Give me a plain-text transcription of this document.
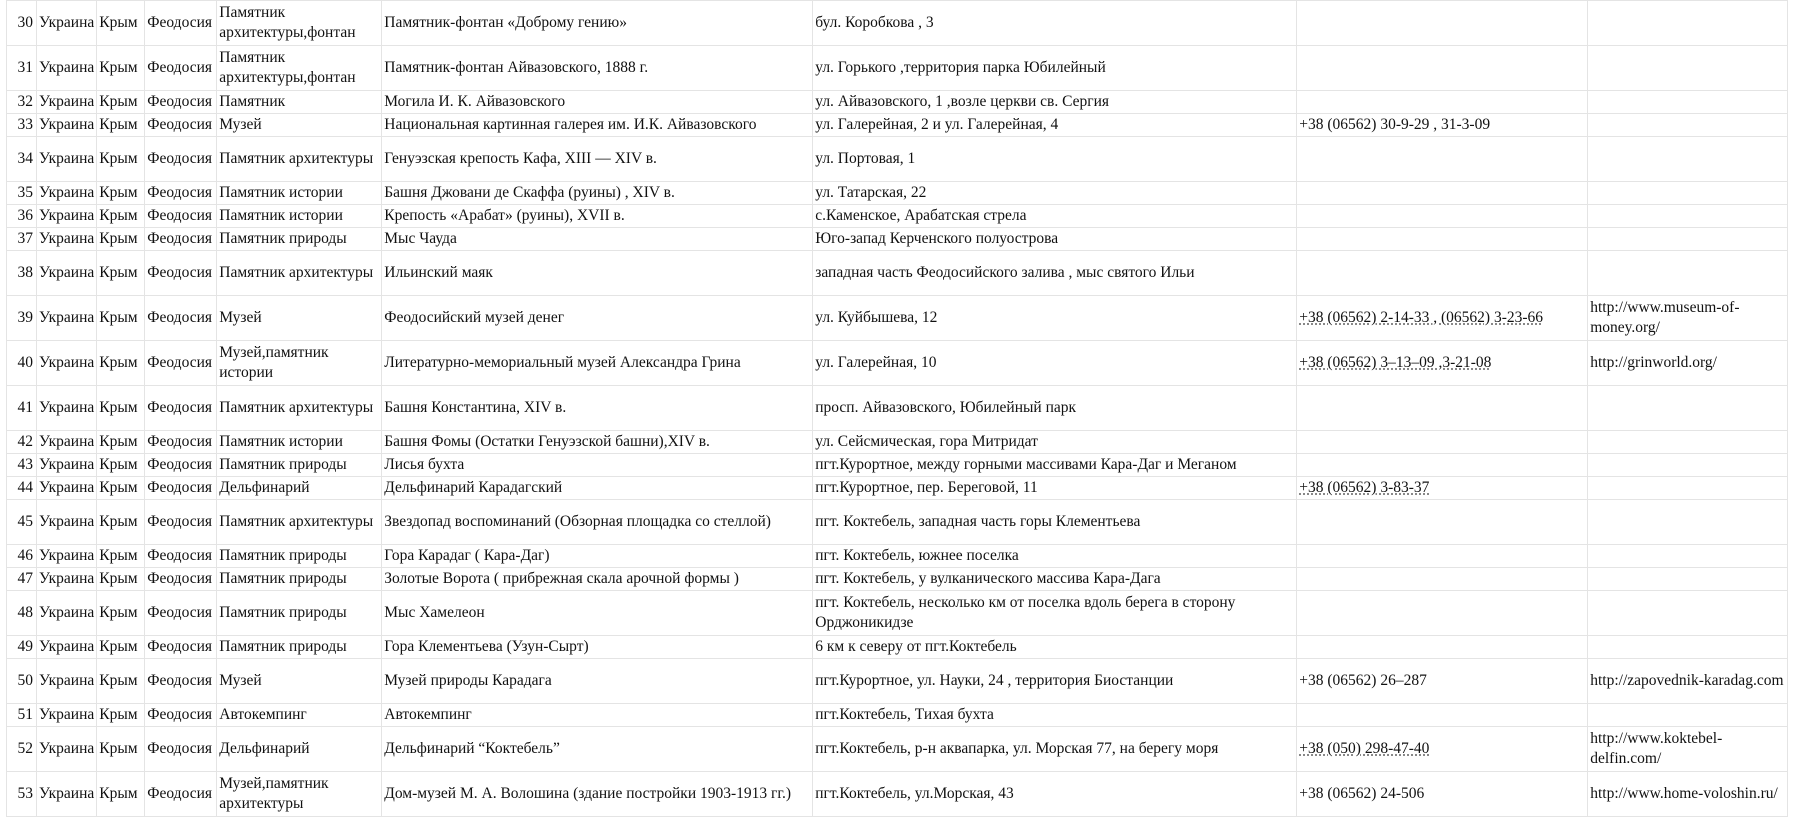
30	Украина	Крым	Феодосия	Памятник архитектуры,фонтан	Памятник-фонтан «Доброму гению»	бул. Коробкова , 3		
31	Украина	Крым	Феодосия	Памятник архитектуры,фонтан	Памятник-фонтан Айвазовского, 1888 г.	ул. Горького ,территория парка Юбилейный		
32	Украина	Крым	Феодосия	Памятник	Могила И. К. Айвазовского	ул. Айвазовского, 1 ,возле церкви св. Сергия		
33	Украина	Крым	Феодосия	Музей	Национальная картинная галерея им. И.К. Айвазовского	ул. Галерейная, 2 и ул. Галерейная, 4	+38 (06562) 30-9-29 , 31-3-09	
34	Украина	Крым	Феодосия	Памятник архитектуры	Генуэзская крепость Кафа, XIII — XIV в.	ул. Портовая, 1		
35	Украина	Крым	Феодосия	Памятник истории	Башня Джовани де Скаффа (руины) , XIV в.	ул. Татарская, 22		
36	Украина	Крым	Феодосия	Памятник истории	Крепость «Арабат» (руины), XVII в.	с.Каменское, Арабатская стрела		
37	Украина	Крым	Феодосия	Памятник природы	Мыс Чауда	Юго-запад Керченского полуострова		
38	Украина	Крым	Феодосия	Памятник архитектуры	Ильинский маяк	западная часть Феодосийского залива , мыс святого Ильи		
39	Украина	Крым	Феодосия	Музей	Феодосийский музей денег	ул. Куйбышева, 12	+38 (06562) 2-14-33 , (06562) 3-23-66	http://www.museum-of-money.org/
40	Украина	Крым	Феодосия	Музей,памятник истории	Литературно-мемориальный музей Александра Грина	ул. Галерейная, 10	+38 (06562) 3–13–09 ,3-21-08	http://grinworld.org/
41	Украина	Крым	Феодосия	Памятник архитектуры	Башня Константина, XIV в.	просп. Айвазовского, Юбилейный парк		
42	Украина	Крым	Феодосия	Памятник истории	Башня Фомы (Остатки Генуэзской башни),XIV в.	ул. Сейсмическая, гора Митридат		
43	Украина	Крым	Феодосия	Памятник природы	Лисья бухта	пгт.Курортное, между горными массивами Кара-Даг и Меганом		
44	Украина	Крым	Феодосия	Дельфинарий	Дельфинарий Карадагский	пгт.Курортное, пер. Береговой, 11	+38 (06562) 3-83-37	
45	Украина	Крым	Феодосия	Памятник архитектуры	Звездопад воспоминаний (Обзорная площадка со стеллой)	пгт. Коктебель, западная часть горы Клементьева		
46	Украина	Крым	Феодосия	Памятник природы	Гора Карадаг ( Кара-Даг)	пгт. Коктебель, южнее поселка		
47	Украина	Крым	Феодосия	Памятник природы	Золотые Ворота ( прибрежная скала арочной формы )	пгт. Коктебель, у вулканического массива Кара-Дага		
48	Украина	Крым	Феодосия	Памятник природы	Мыс Хамелеон	пгт. Коктебель, несколько км от поселка вдоль берега в сторону Орджоникидзе		
49	Украина	Крым	Феодосия	Памятник природы	Гора Клементьева (Узун-Сырт)	6 км к северу от пгт.Коктебель		
50	Украина	Крым	Феодосия	Музей	Музей природы Карадага	пгт.Курортное, ул. Науки, 24 , территория Биостанции	+38 (06562) 26–287	http://zapovednik-karadag.com
51	Украина	Крым	Феодосия	Автокемпинг	Автокемпинг	пгт.Коктебель, Тихая бухта		
52	Украина	Крым	Феодосия	Дельфинарий	Дельфинарий “Коктебель”	пгт.Коктебель, р-н аквапарка, ул. Морская 77, на берегу моря	+38 (050) 298-47-40	http://www.koktebel-delfin.com/
53	Украина	Крым	Феодосия	Музей,памятник архитектуры	Дом-музей М. А. Волошина (здание постройки 1903-1913 гг.)	пгт.Коктебель, ул.Морская, 43	+38 (06562) 24-506	http://www.home-voloshin.ru/
